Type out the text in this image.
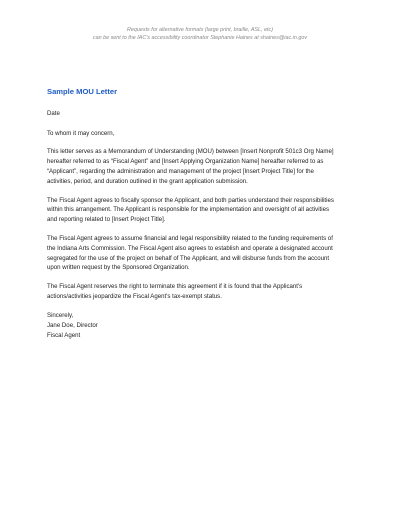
Requests for alternative formats (large print, braille, ASL, etc)
can be sent to the IAC's accessibility coordinator Stephanie Haines at shaines@iac.in.gov
Sample MOU Letter
Date
To whom it may concern,
This letter serves as a Memorandum of Understanding (MOU) between [Insert Nonprofit 501c3 Org Name]
hereafter referred to as “Fiscal Agent” and [Insert Applying Organization Name] hereafter referred to as
“Applicant”, regarding the administration and management of the project [Insert Project Title] for the
activities, period, and duration outlined in the grant application submission.
The Fiscal Agent agrees to fiscally sponsor the Applicant, and both parties understand their responsibilities
within this arrangement. The Applicant is responsible for the implementation and oversight of all activities
and reporting related to [Insert Project Title].
The Fiscal Agent agrees to assume financial and legal responsibility related to the funding requirements of
the Indiana Arts Commission. The Fiscal Agent also agrees to establish and operate a designated account
segregated for the use of the project on behalf of The Applicant, and will disburse funds from the account
upon written request by the Sponsored Organization.
The Fiscal Agent reserves the right to terminate this agreement if it is found that the Applicant's
actions/activities jeopardize the Fiscal Agent's tax-exempt status.
Sincerely,
Jane Doe, Director
Fiscal Agent
